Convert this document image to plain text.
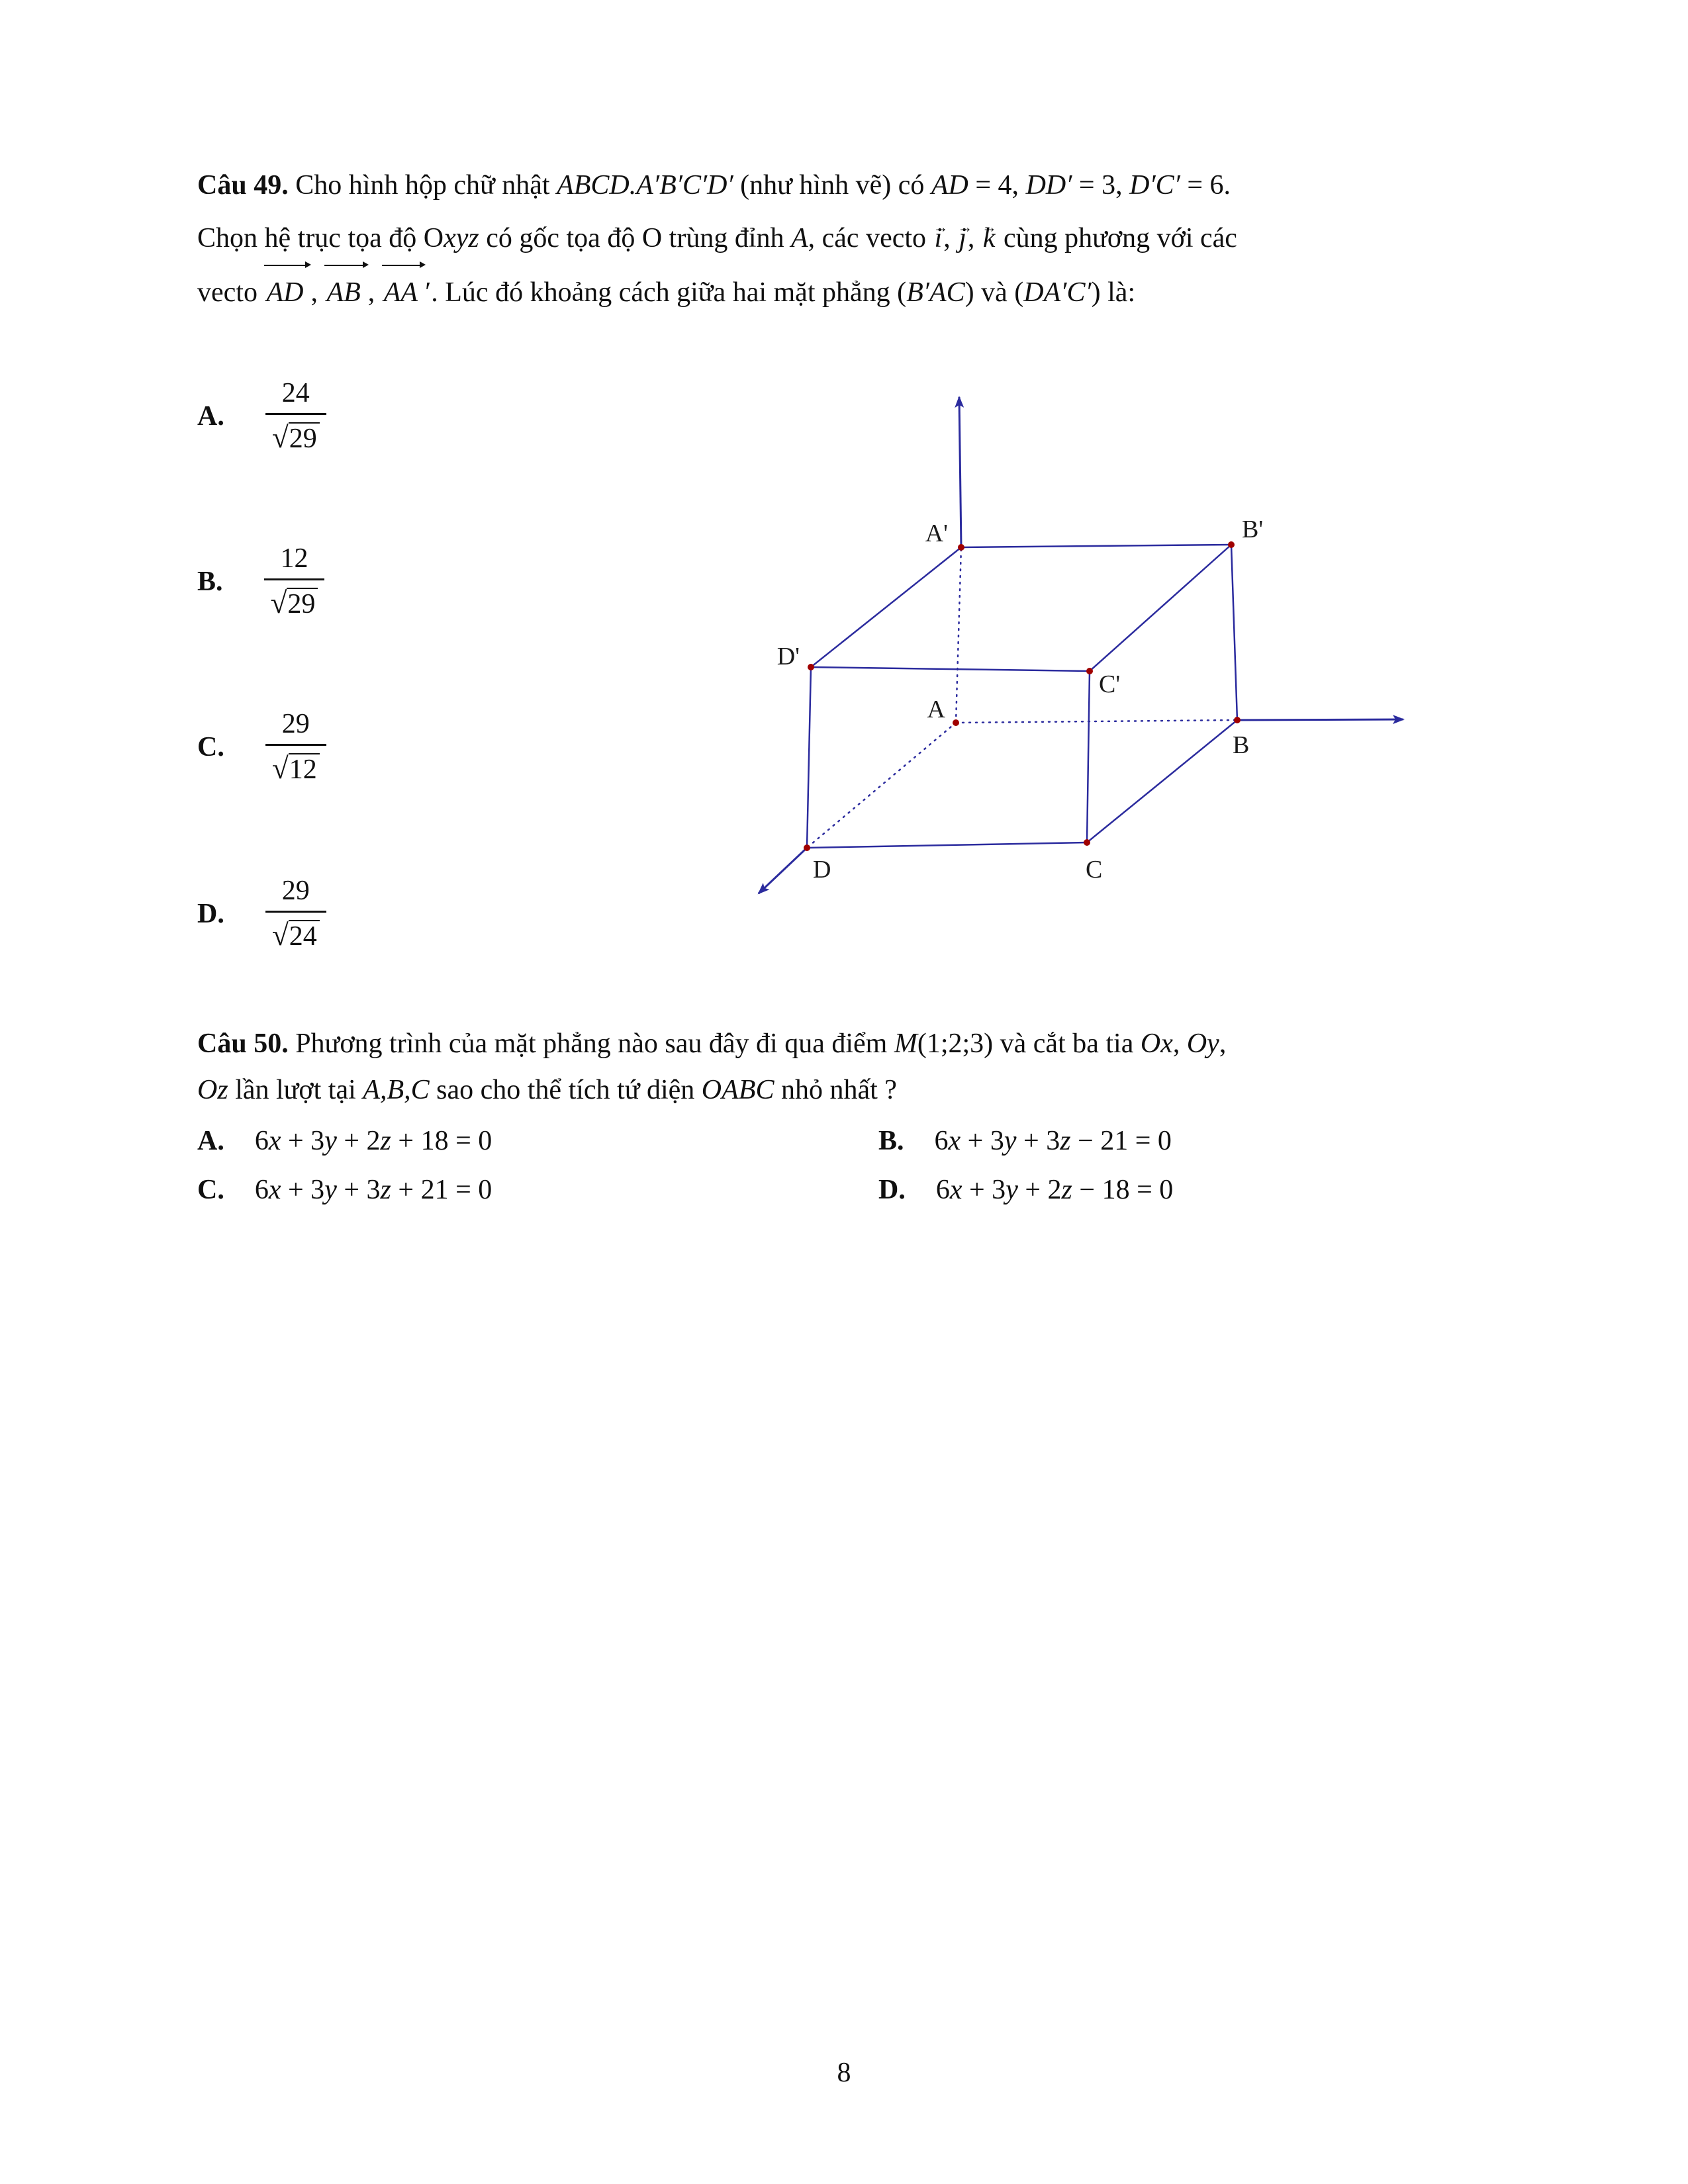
Câu 49. Cho hình hộp chữ nhật ABCD.A′B′C′D′ (như hình vẽ) có AD = 4, DD′ = 3, D′C′ = 6.
Chọn hệ trục tọa độ Oxyz có gốc tọa độ O trùng đỉnh A, các vecto i →, j →, k → cùng phương với các
vecto AD , AB , AA ′. Lúc đó khoảng cách giữa hai mặt phẳng (B′AC) và (DA′C′) là:
A. 24
√ 29
B. 12
√ 29
C. 29
√ 12
D. 29
√ 24
A'	B'
D'
C'
A
B
D	C
Câu 50. Phương trình của mặt phẳng nào sau đây đi qua điểm M(1;2;3) và cắt ba tia Ox, Oy,
Oz lần lượt tại A,B,C sao cho thể tích tứ diện OABC nhỏ nhất ?
A. 6x + 3y + 2z + 18 = 0	B. 6x + 3y + 3z − 21 = 0
C. 6x + 3y + 3z + 21 = 0	D. 6x + 3y + 2z − 18 = 0
8
